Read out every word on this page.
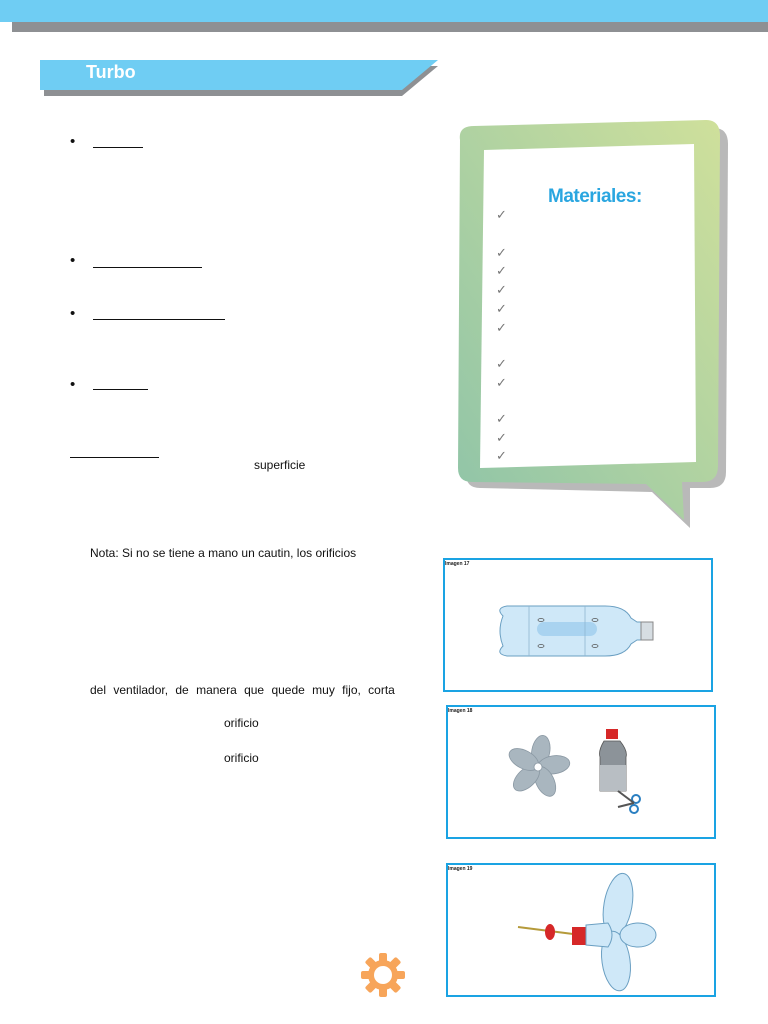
Turbo
•
•
•
•
superficie
Nota: Si no se tiene a mano un cautin, los orificios
del ventilador, de manera que quede muy fijo, corta
orificio
orificio
Materiales:
✓
✓
✓
✓
✓
✓
✓
✓
✓
✓
✓
Imagen 17
Imagen 18
Imagen 19
